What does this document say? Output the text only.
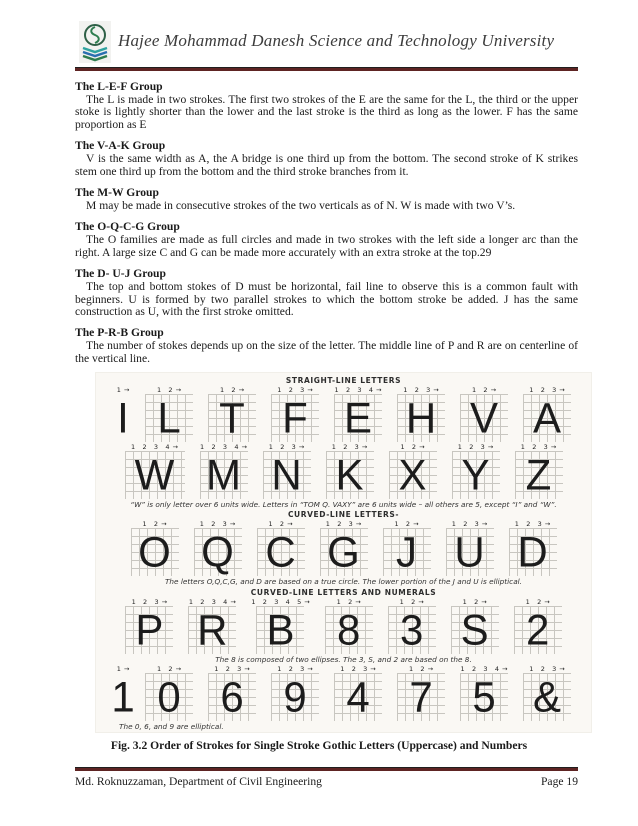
Hajee Mohammad Danesh Science and Technology University
The L-E-F Group

The L is made in two strokes. The first two strokes of the E are the same for the L, the third or the upper stoke is lightly shorter than the lower and the last stroke is the third as long as the lower. F has the same proportion as E

The V-A-K Group

V is the same width as A, the A bridge is one third up from the bottom. The second stroke of K strikes stem one third up from the bottom and the third stroke branches from it.

The M-W Group

M may be made in consecutive strokes of the two verticals as of N. W is made with two V’s.

The O-Q-C-G Group

The O families are made as full circles and made in two strokes with the left side a longer arc than the right. A large size C and G can be made more accurately with an extra stroke at the top.29

The D- U-J Group

The top and bottom stokes of D must be horizontal, fail line to observe this is a common fault with beginners. U is formed by two parallel strokes to which the bottom stroke be added. J has the same construction as U, with the first stroke omitted.

The P-R-B Group

The number of stokes depends up on the size of the letter. The middle line of P and R are on centerline of the vertical line.

STRAIGHT-LINE LETTERS
1→
I
1 2→
L
1 2→
T
1 2 3→
F
1 2 3 4→
E
1 2 3→
H
1 2→
V
1 2 3→
A
1 2 3 4→
W
1 2 3 4→
M
1 2 3→
N
1 2 3→
K
1 2→
X
1 2 3→
Y
1 2 3→
Z
“W” is only letter over 6 units wide. Letters in “TOM Q. VAXY” are 6 units wide – all others are 5, except “I” and “W”.
CURVED-LINE LETTERS-
1 2→
O
1 2 3→
Q
1 2→
C
1 2 3→
G
1 2→
J
1 2 3→
U
1 2 3→
D
The letters O,Q,C,G, and D are based on a true circle. The lower portion of the J and U is elliptical.
CURVED-LINE LETTERS AND NUMERALS
1 2 3→
P
1 2 3 4→
R
1 2 3 4 5→
B
1 2→
8
1 2→
3
1 2→
S
1 2→
2
The 8 is composed of two ellipses. The 3, S, and 2 are based on the 8.
1→
1
1 2→
0
1 2 3→
6
1 2 3→
9
1 2 3→
4
1 2→
7
1 2 3 4→
5
1 2 3→
&
The 0, 6, and 9 are elliptical.
Fig. 3.2 Order of Strokes for Single Stroke Gothic Letters (Uppercase) and Numbers
Md. Roknuzzaman, Department of Civil Engineering	Page 19
